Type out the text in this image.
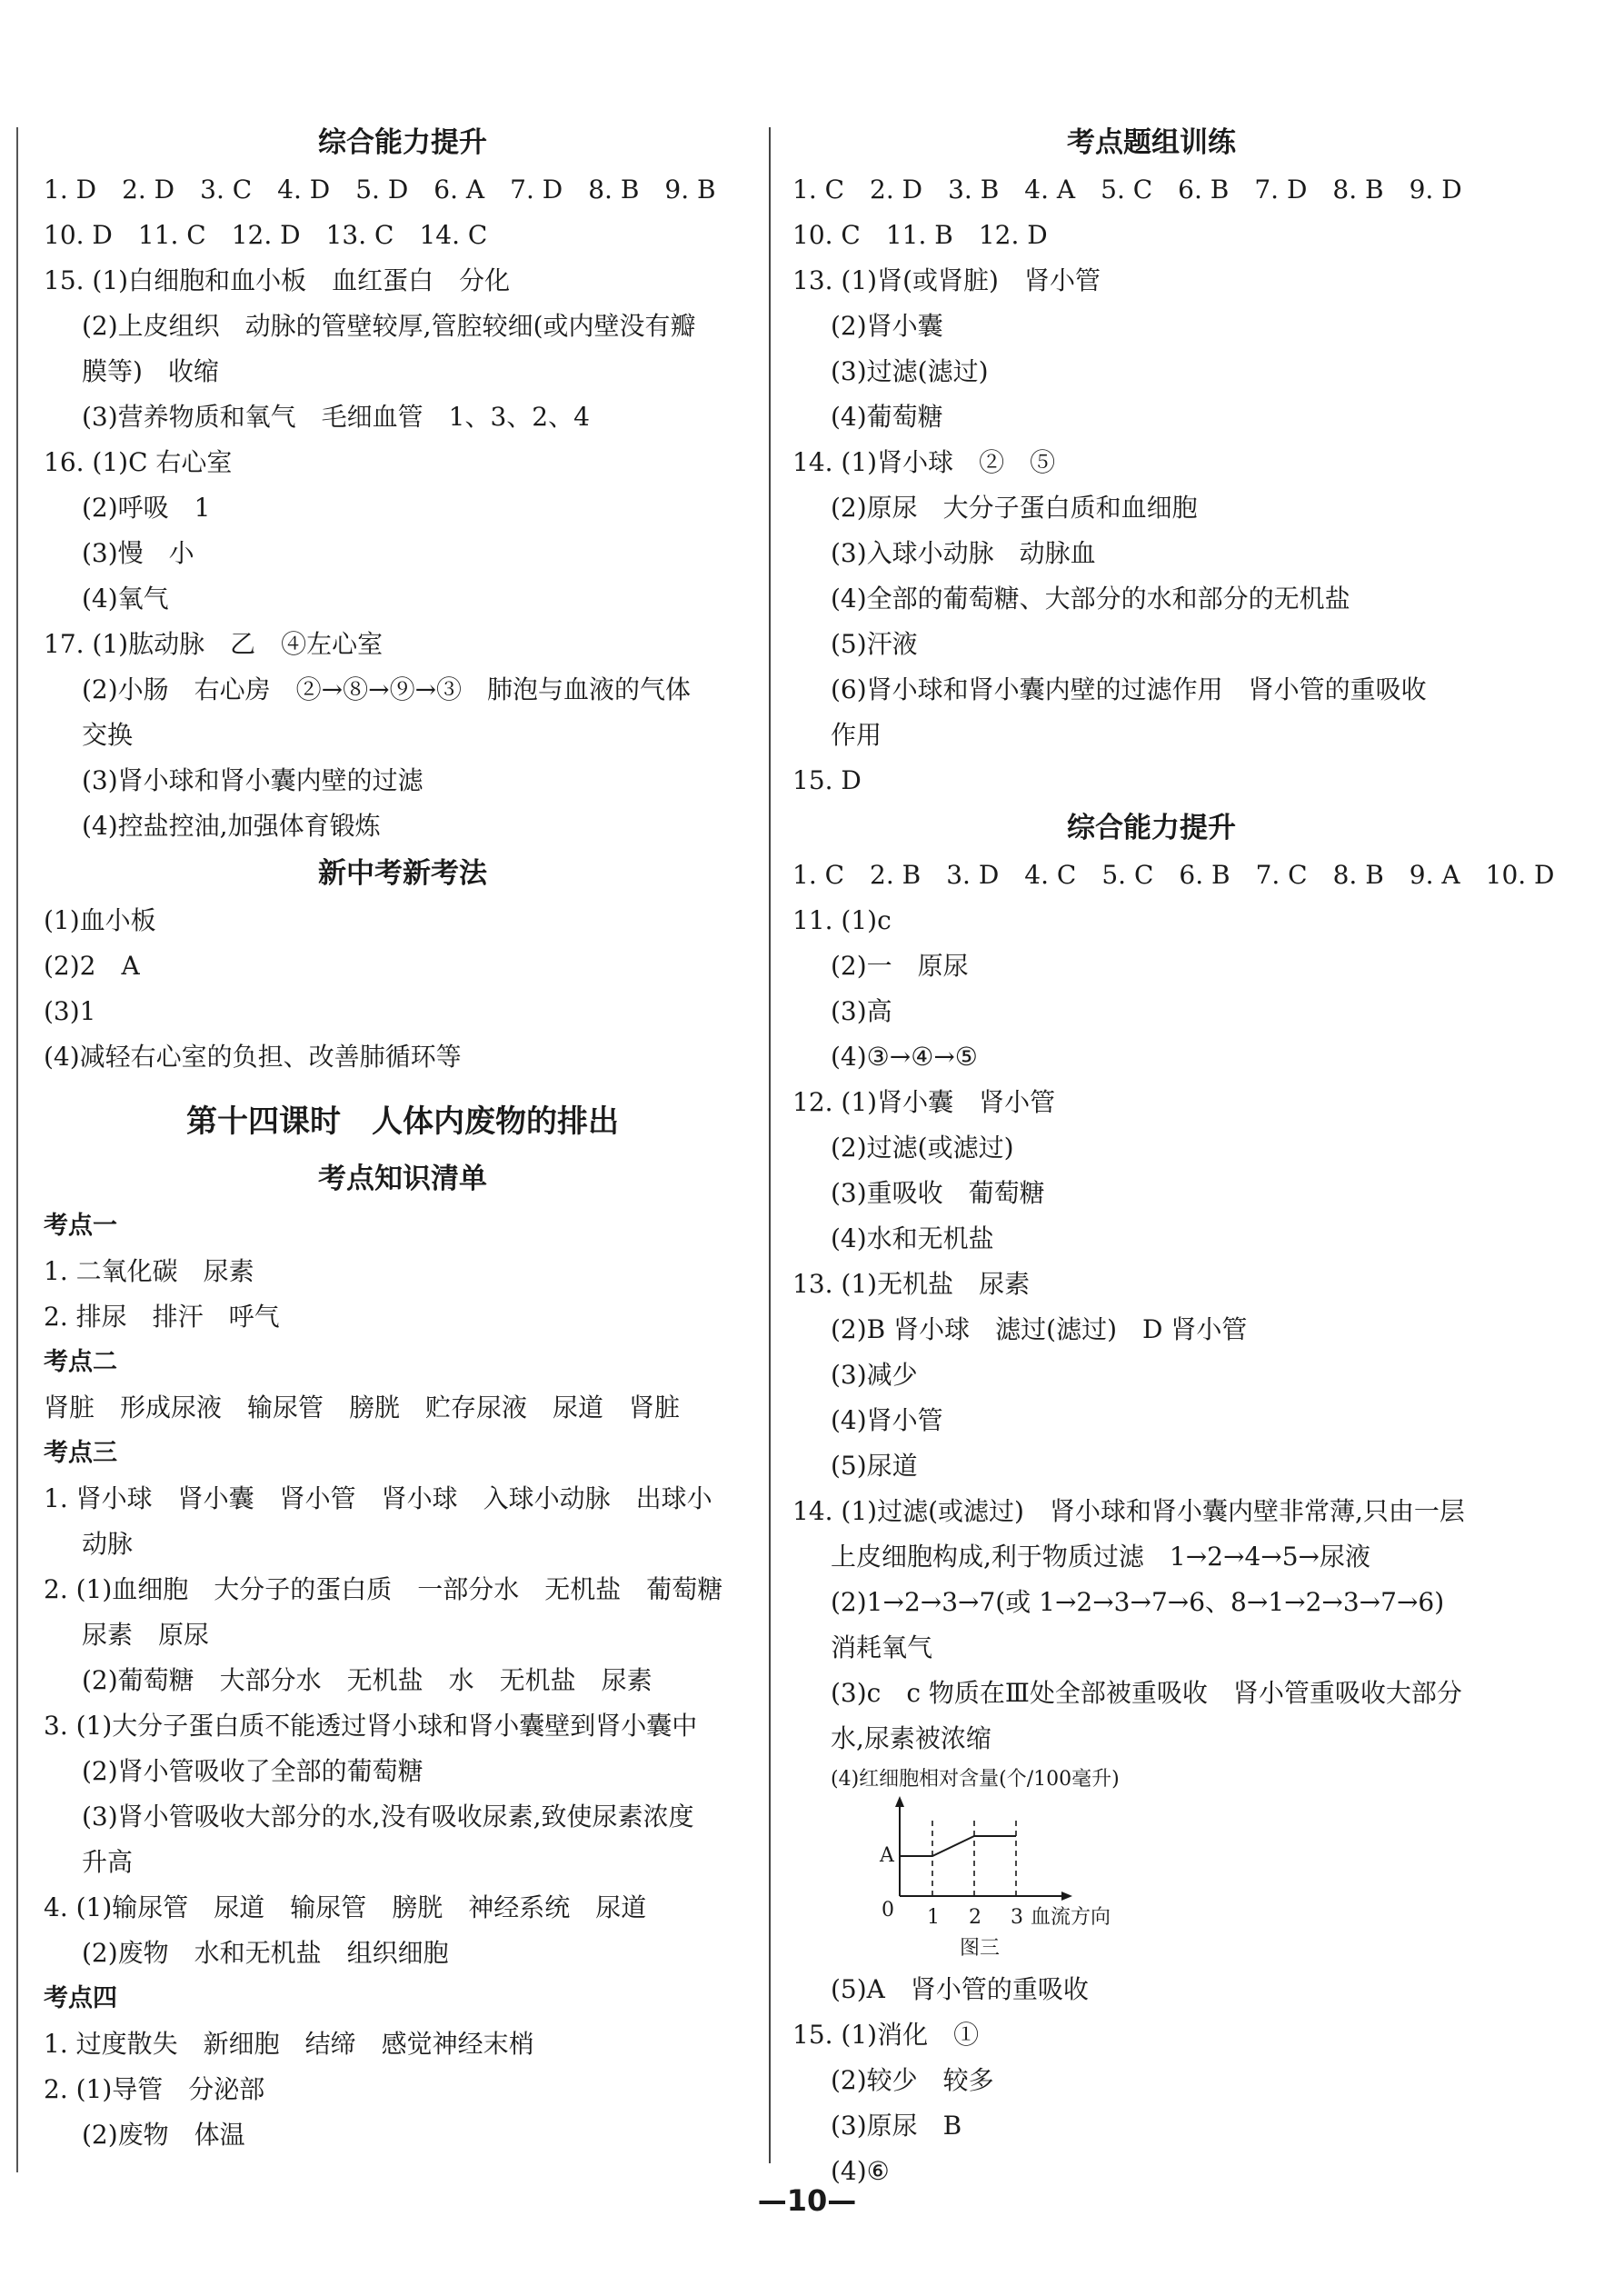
综合能力提升
1. D　2. D　3. C　4. D　5. D　6. A　7. D　8. B　9. B
10. D　11. C　12. D　13. C　14. C
15. (1)白细胞和血小板　血红蛋白　分化
(2)上皮组织　动脉的管壁较厚,管腔较细(或内壁没有瓣
膜等)　收缩
(3)营养物质和氧气　毛细血管　1、3、2、4
16. (1)C 右心室
(2)呼吸　1
(3)慢　小
(4)氧气
17. (1)肱动脉　乙　④左心室
(2)小肠　右心房　②→⑧→⑨→③　肺泡与血液的气体
交换
(3)肾小球和肾小囊内壁的过滤
(4)控盐控油,加强体育锻炼
新中考新考法
(1)血小板
(2)2　A
(3)1
(4)减轻右心室的负担、改善肺循环等
第十四课时　人体内废物的排出
考点知识清单
考点一
1. 二氧化碳　尿素
2. 排尿　排汗　呼气
考点二
肾脏　形成尿液　输尿管　膀胱　贮存尿液　尿道　肾脏
考点三
1. 肾小球　肾小囊　肾小管　肾小球　入球小动脉　出球小
动脉
2. (1)血细胞　大分子的蛋白质　一部分水　无机盐　葡萄糖
尿素　原尿
(2)葡萄糖　大部分水　无机盐　水　无机盐　尿素
3. (1)大分子蛋白质不能透过肾小球和肾小囊壁到肾小囊中
(2)肾小管吸收了全部的葡萄糖
(3)肾小管吸收大部分的水,没有吸收尿素,致使尿素浓度
升高
4. (1)输尿管　尿道　输尿管　膀胱　神经系统　尿道
(2)废物　水和无机盐　组织细胞
考点四
1. 过度散失　新细胞　结缔　感觉神经末梢
2. (1)导管　分泌部
(2)废物　体温
考点题组训练
1. C　2. D　3. B　4. A　5. C　6. B　7. D　8. B　9. D
10. C　11. B　12. D
13. (1)肾(或肾脏)　肾小管
(2)肾小囊
(3)过滤(滤过)
(4)葡萄糖
14. (1)肾小球　②　⑤
(2)原尿　大分子蛋白质和血细胞
(3)入球小动脉　动脉血
(4)全部的葡萄糖、大部分的水和部分的无机盐
(5)汗液
(6)肾小球和肾小囊内壁的过滤作用　肾小管的重吸收
作用
15. D
综合能力提升
1. C　2. B　3. D　4. C　5. C　6. B　7. C　8. B　9. A　10. D
11. (1)c
(2)一　原尿
(3)高
(4)③→④→⑤
12. (1)肾小囊　肾小管
(2)过滤(或滤过)
(3)重吸收　葡萄糖
(4)水和无机盐
13. (1)无机盐　尿素
(2)B 肾小球　滤过(滤过)　D 肾小管
(3)减少
(4)肾小管
(5)尿道
14. (1)过滤(或滤过)　肾小球和肾小囊内壁非常薄,只由一层
上皮细胞构成,利于物质过滤　1→2→4→5→尿液
(2)1→2→3→7(或 1→2→3→7→6、8→1→2→3→7→6)
消耗氧气
(3)c　c 物质在Ⅲ处全部被重吸收　肾小管重吸收大部分
水,尿素被浓缩
(4)红细胞相对含量(个/100毫升)
0
A
1 2 3 血流方向
图三
(5)A　肾小管的重吸收
15. (1)消化　①
(2)较少　较多
(3)原尿　B
(4)⑥
—10—
